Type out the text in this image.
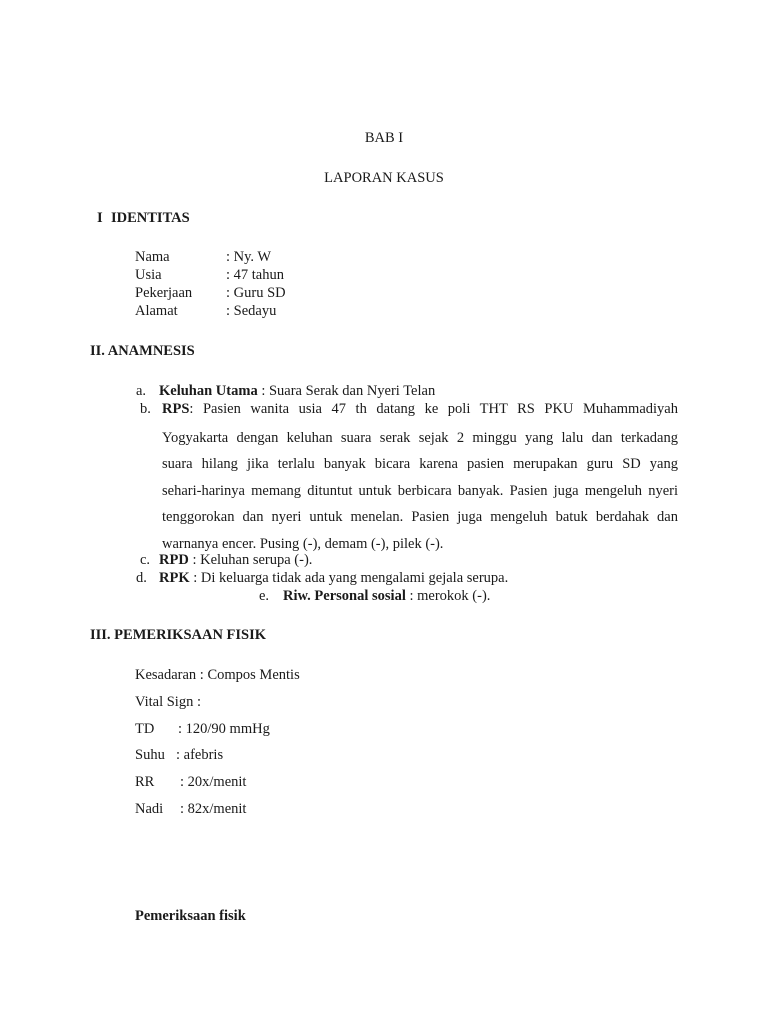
BAB I
LAPORAN KASUS
I IDENTITAS
Nama	: Ny. W
Usia	: 47 tahun
Pekerjaan : Guru SD
Alamat	: Sedayu
II. ANAMNESIS
a. Keluhan Utama : Suara Serak dan Nyeri Telan
b. RPS : Pasien wanita usia 47 th datang ke poli THT RS PKU Muhammadiyah
Yogyakarta dengan keluhan suara serak sejak 2 minggu yang lalu dan terkadang
suara hilang jika terlalu banyak bicara karena pasien merupakan guru SD yang
sehari-harinya memang dituntut untuk berbicara banyak. Pasien juga mengeluh nyeri
tenggorokan dan nyeri untuk menelan. Pasien juga mengeluh batuk berdahak dan
warnanya encer. Pusing (-), demam (-), pilek (-).
c. RPD : Keluhan serupa (-).
d. RPK : Di keluarga tidak ada yang mengalami gejala serupa.
e. Riw. Personal sosial : merokok (-).
III. PEMERIKSAAN FISIK
Kesadaran : Compos Mentis
Vital Sign :
TD : 120/90 mmHg
Suhu : afebris
RR : 20x/menit
Nadi : 82x/menit
Pemeriksaan fisik
